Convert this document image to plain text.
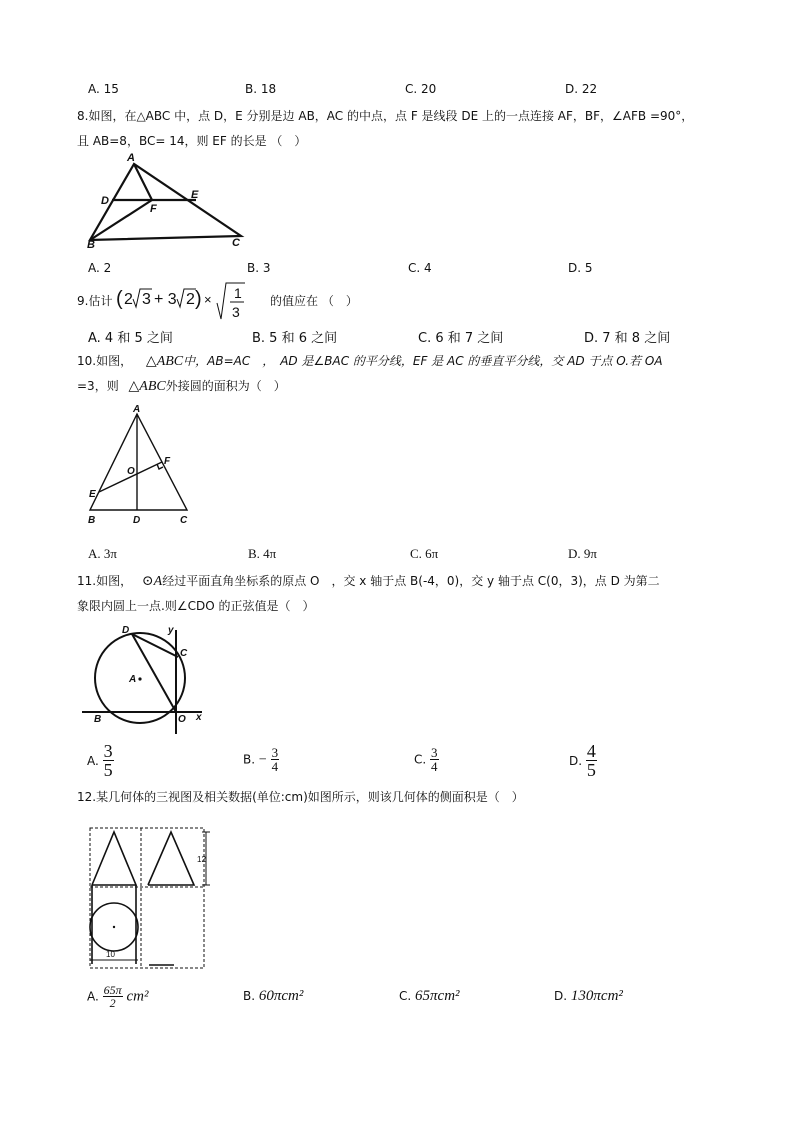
A. 15	B. 18	C. 20	D. 22
8.如图，在△ABC 中，点 D，E 分别是边 AB，AC 的中点，点 F 是线段 DE 上的一点连接 AF，BF，∠AFB =90°，
且 AB=8，BC= 14，则 EF 的长是 （　）
A
D
F
E
B	C
A. 2	B. 3	C. 4	D. 5
9.估计 ( 2 3 + 3 2 ) × 1
3
的值应在 （　）
A. 4 和 5 之间	B. 5 和 6 之间	C. 6 和 7 之间	D. 7 和 8 之间
10.如图， △ABC中，AB=AC　，　AD 是∠BAC 的平分线，EF 是 AC 的垂直平分线，交 AD 于点 O.若 OA
=3，则 △ABC外接圆的面积为（　）
A
O
F
E
B	D	C
A. 3π	B. 4π	C. 6π	D. 9π
11.如图， ⊙A经过平面直角坐标系的原点 O　，交 x 轴于点 B(-4，0)，交 y 轴于点 C(0，3)，点 D 为第二
象限内圆上一点.则∠CDO 的正弦值是（　）
D	y
C
A
B	O x
A. $\frac{3}{5}$	B. − $\frac{3}{4}$	C. $\frac{3}{4}$	D. $\frac{4}{5}$
12.某几何体的三视图及相关数据(单位:cm)如图所示，则该几何体的侧面积是（　）
12
10
A. $\frac{65\pi}{2} cm^2$	B. 60πcm²	C. 65πcm²	D. 130πcm²
